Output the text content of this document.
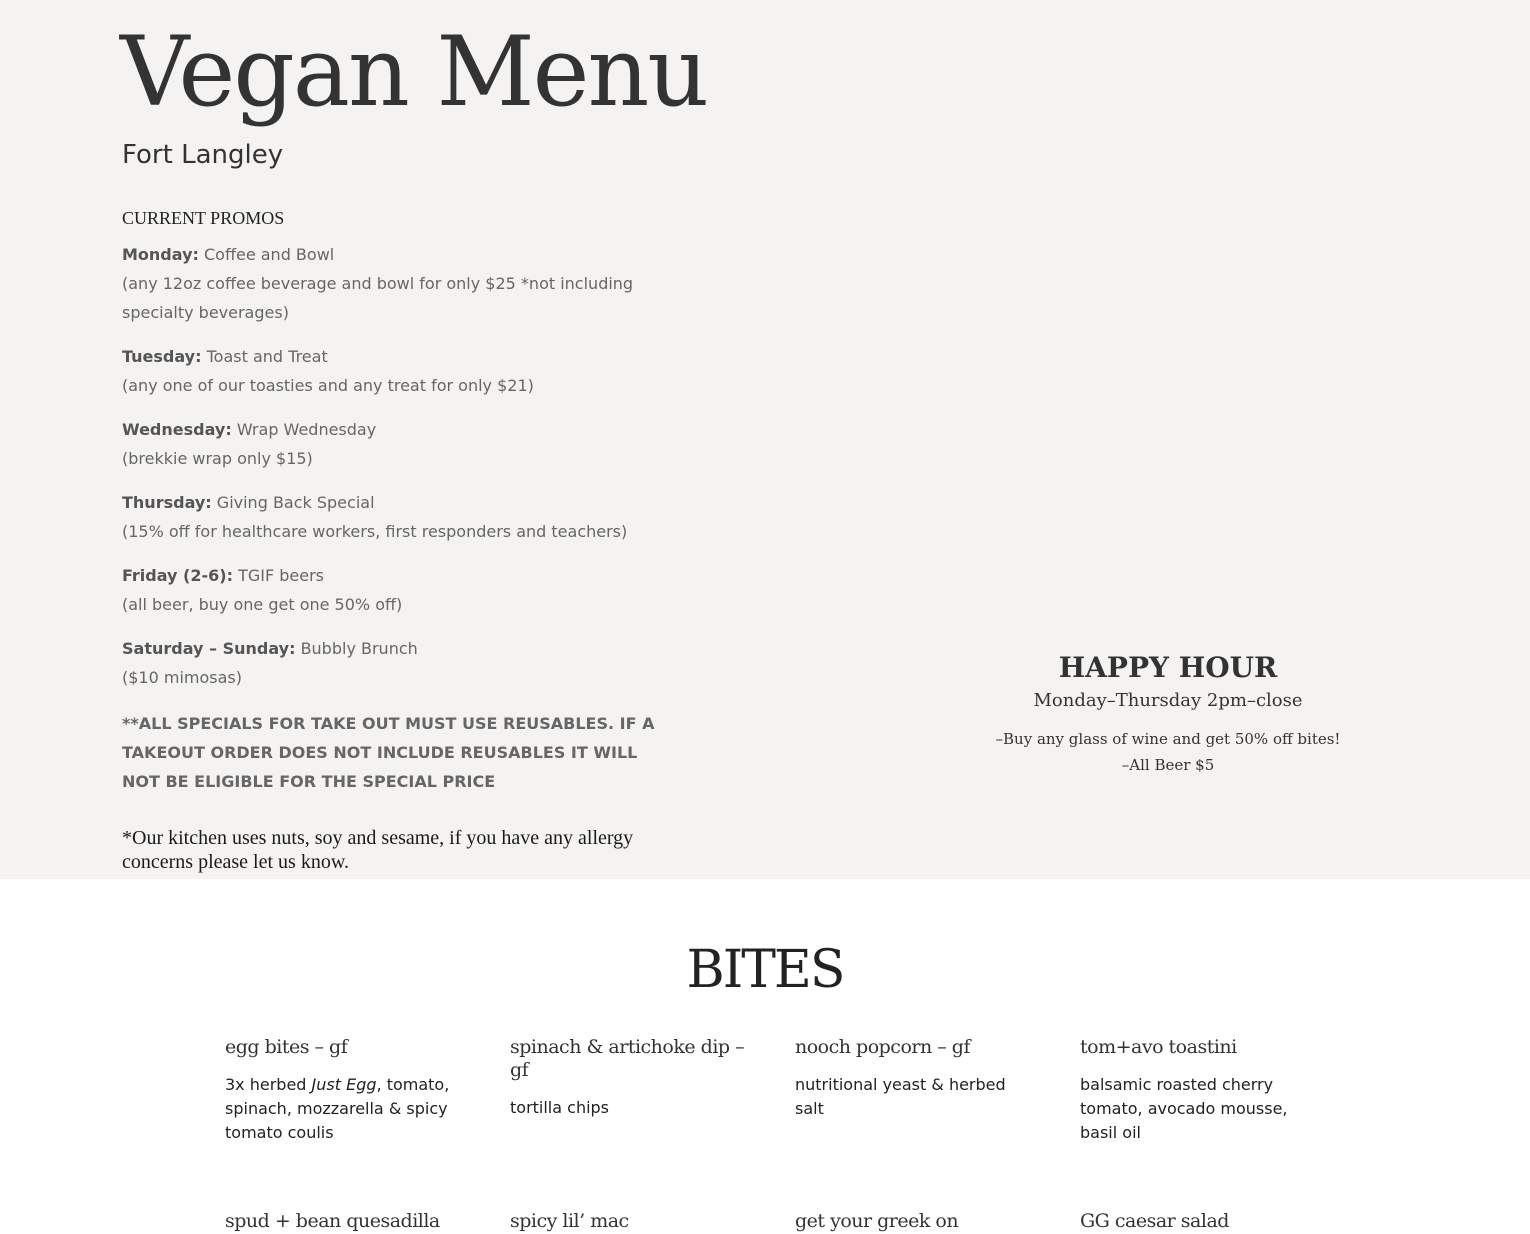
Vegan Menu
Fort Langley
CURRENT PROMOS

Monday: Coffee and Bowl
(any 12oz coffee beverage and bowl for only $25 *not including specialty beverages)

Tuesday: Toast and Treat
(any one of our toasties and any treat for only $21)

Wednesday: Wrap Wednesday
(brekkie wrap only $15)

Thursday: Giving Back Special
(15% off for healthcare workers, first responders and teachers)

Friday (2-6): TGIF beers
(all beer, buy one get one 50% off)

Saturday – Sunday: Bubbly Brunch
($10 mimosas)

**ALL SPECIALS FOR TAKE OUT MUST USE REUSABLES. IF A TAKEOUT ORDER DOES NOT INCLUDE REUSABLES IT WILL NOT BE ELIGIBLE FOR THE SPECIAL PRICE

*Our kitchen uses nuts, soy and sesame, if you have any allergy concerns please let us know.

HAPPY HOUR

Monday–Thursday 2pm–close

–Buy any glass of wine and get 50% off bites!

–All Beer $5

BITES
egg bites – gf

3x herbed Just Egg, tomato, spinach, mozzarella & spicy tomato coulis

spinach & artichoke dip – gf

tortilla chips

nooch popcorn – gf

nutritional yeast & herbed salt

tom+avo toastini

balsamic roasted cherry tomato, avocado mousse, basil oil

spud + bean quesadilla	spicy lil’ mac	get your greek on	GG caesar salad
